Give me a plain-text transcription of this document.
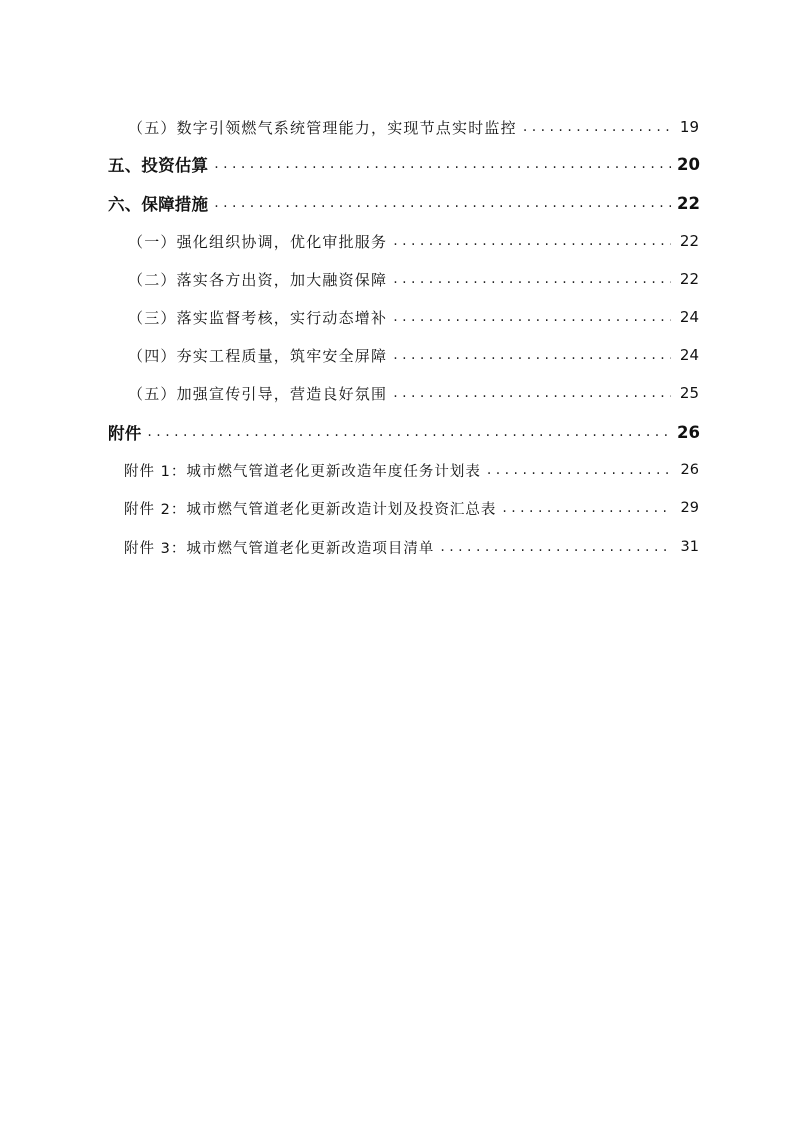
（五）数字引领燃气系统管理能力，实现节点实时监控 . . .	19
五、投资估算 . . .	20
六、保障措施 . . .	22
（一）强化组织协调，优化审批服务 . . .	22
（二）落实各方出资，加大融资保障 . . .	22
（三）落实监督考核，实行动态增补 . . .	24
（四）夯实工程质量，筑牢安全屏障 . . .	24
（五）加强宣传引导，营造良好氛围 . . .	25
附件 . . .	26
附件 1：城市燃气管道老化更新改造年度任务计划表 . . .	26
附件 2：城市燃气管道老化更新改造计划及投资汇总表 . . .	29
附件 3：城市燃气管道老化更新改造项目清单 . . .	31
